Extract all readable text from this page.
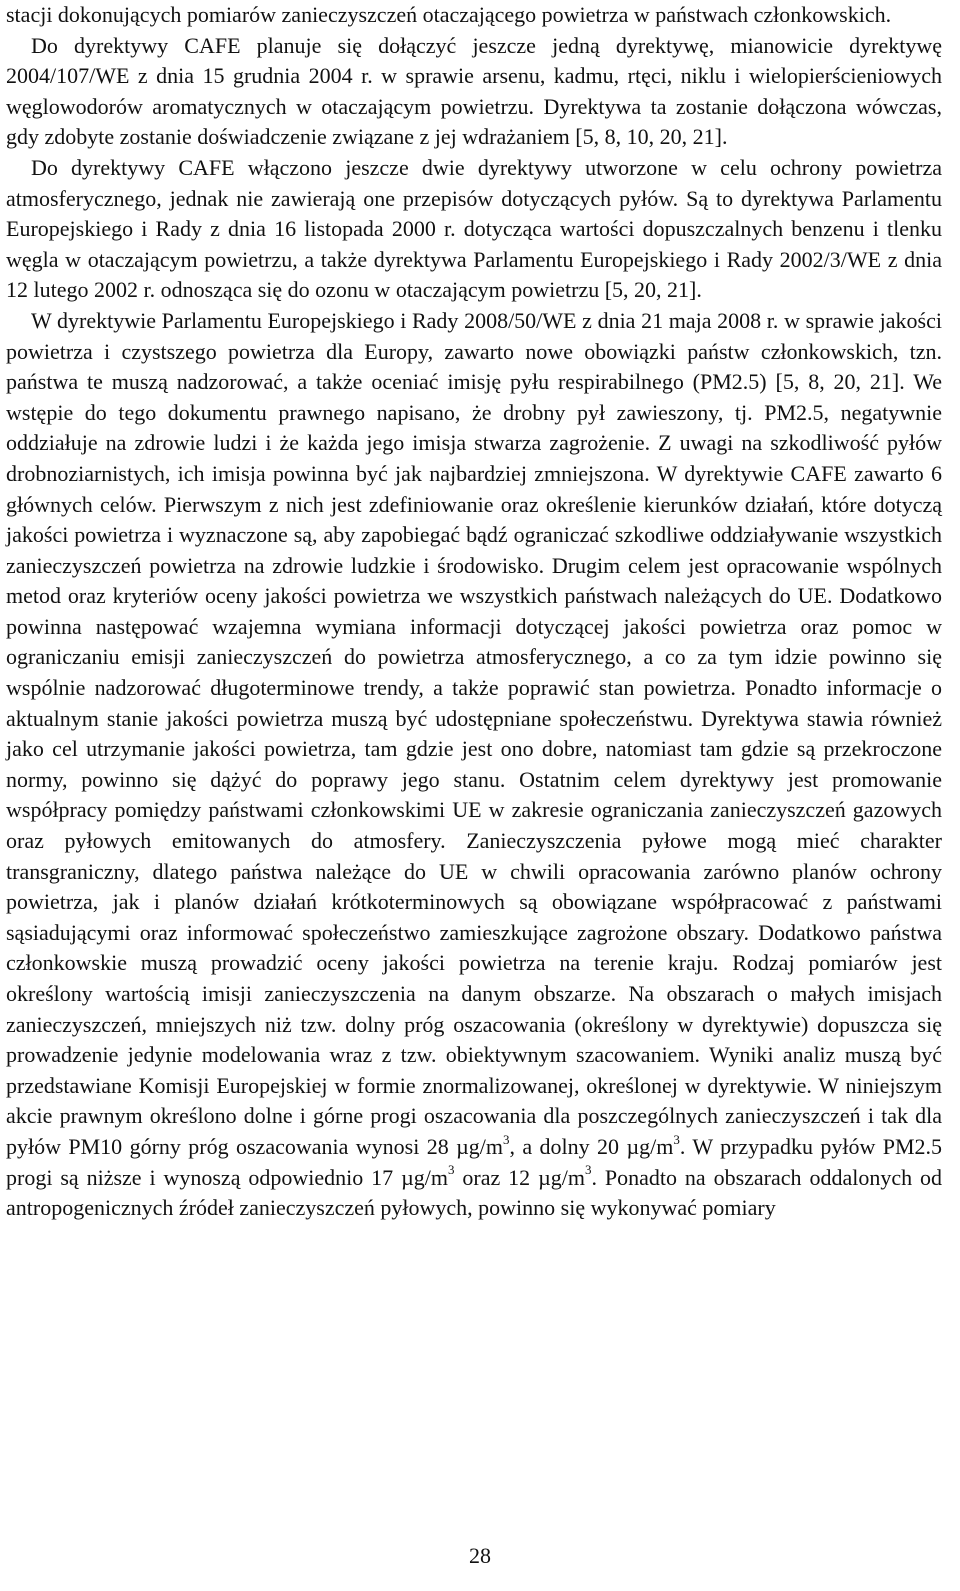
stacji dokonujących pomiarów zanieczyszczeń otaczającego powietrza w państwach członkowskich.

Do dyrektywy CAFE planuje się dołączyć jeszcze jedną dyrektywę, mianowicie dyrektywę 2004/107/WE z dnia 15 grudnia 2004 r. w sprawie arsenu, kadmu, rtęci, niklu i wielopierścieniowych węglowodorów aromatycznych w otaczającym powietrzu. Dyrektywa ta zostanie dołączona wówczas, gdy zdobyte zostanie doświadczenie związane z jej wdrażaniem [5, 8, 10, 20, 21].

Do dyrektywy CAFE włączono jeszcze dwie dyrektywy utworzone w celu ochrony powietrza atmosferycznego, jednak nie zawierają one przepisów dotyczących pyłów. Są to dyrektywa Parlamentu Europejskiego i Rady z dnia 16 listopada 2000 r. dotycząca wartości dopuszczalnych benzenu i tlenku węgla w otaczającym powietrzu, a także dyrektywa Parlamentu Europejskiego i Rady 2002/3/WE z dnia 12 lutego 2002 r. odnosząca się do ozonu w otaczającym powietrzu [5, 20, 21].

W dyrektywie Parlamentu Europejskiego i Rady 2008/50/WE z dnia 21 maja 2008 r. w sprawie jakości powietrza i czystszego powietrza dla Europy, zawarto nowe obowiązki państw członkowskich, tzn. państwa te muszą nadzorować, a także oceniać imisję pyłu respirabilnego (PM2.5) [5, 8, 20, 21]. We wstępie do tego dokumentu prawnego napisano, że drobny pył zawieszony, tj. PM2.5, negatywnie oddziałuje na zdrowie ludzi i że każda jego imisja stwarza zagrożenie. Z uwagi na szkodliwość pyłów drobnoziarnistych, ich imisja powinna być jak najbardziej zmniejszona. W dyrektywie CAFE zawarto 6 głównych celów. Pierwszym z nich jest zdefiniowanie oraz określenie kierunków działań, które dotyczą jakości powietrza i wyznaczone są, aby zapobiegać bądź ograniczać szkodliwe oddziaływanie wszystkich zanieczyszczeń powietrza na zdrowie ludzkie i środowisko. Drugim celem jest opracowanie wspólnych metod oraz kryteriów oceny jakości powietrza we wszystkich państwach należących do UE. Dodatkowo powinna następować wzajemna wymiana informacji dotyczącej jakości powietrza oraz pomoc w ograniczaniu emisji zanieczyszczeń do powietrza atmosferycznego, a co za tym idzie powinno się wspólnie nadzorować długoterminowe trendy, a także poprawić stan powietrza. Ponadto informacje o aktualnym stanie jakości powietrza muszą być udostępniane społeczeństwu. Dyrektywa stawia również jako cel utrzymanie jakości powietrza, tam gdzie jest ono dobre, natomiast tam gdzie są przekroczone normy, powinno się dążyć do poprawy jego stanu. Ostatnim celem dyrektywy jest promowanie współpracy pomiędzy państwami członkowskimi UE w zakresie ograniczania zanieczyszczeń gazowych oraz pyłowych emitowanych do atmosfery. Zanieczyszczenia pyłowe mogą mieć charakter transgraniczny, dlatego państwa należące do UE w chwili opracowania zarówno planów ochrony powietrza, jak i planów działań krótkoterminowych są obowiązane współpracować z państwami sąsiadującymi oraz informować społeczeństwo zamieszkujące zagrożone obszary. Dodatkowo państwa członkowskie muszą prowadzić oceny jakości powietrza na terenie kraju. Rodzaj pomiarów jest określony wartością imisji zanieczyszczenia na danym obszarze. Na obszarach o małych imisjach zanieczyszczeń, mniejszych niż tzw. dolny próg oszacowania (określony w dyrektywie) dopuszcza się prowadzenie jedynie modelowania wraz z tzw. obiektywnym szacowaniem. Wyniki analiz muszą być przedstawiane Komisji Europejskiej w formie znormalizowanej, określonej w dyrektywie. W niniejszym akcie prawnym określono dolne i górne progi oszacowania dla poszczególnych zanieczyszczeń i tak dla pyłów PM10 górny próg oszacowania wynosi 28 $\mu g/m^3$, a dolny 20 $\mu g/m^3$. W przypadku pyłów PM2.5 progi są niższe i wynoszą odpowiednio 17 $\mu g/m^3$ oraz 12 $\mu g/m^3$. Ponadto na obszarach oddalonych od antropogenicznych źródeł zanieczyszczeń pyłowych, powinno się wykonywać pomiary

28
